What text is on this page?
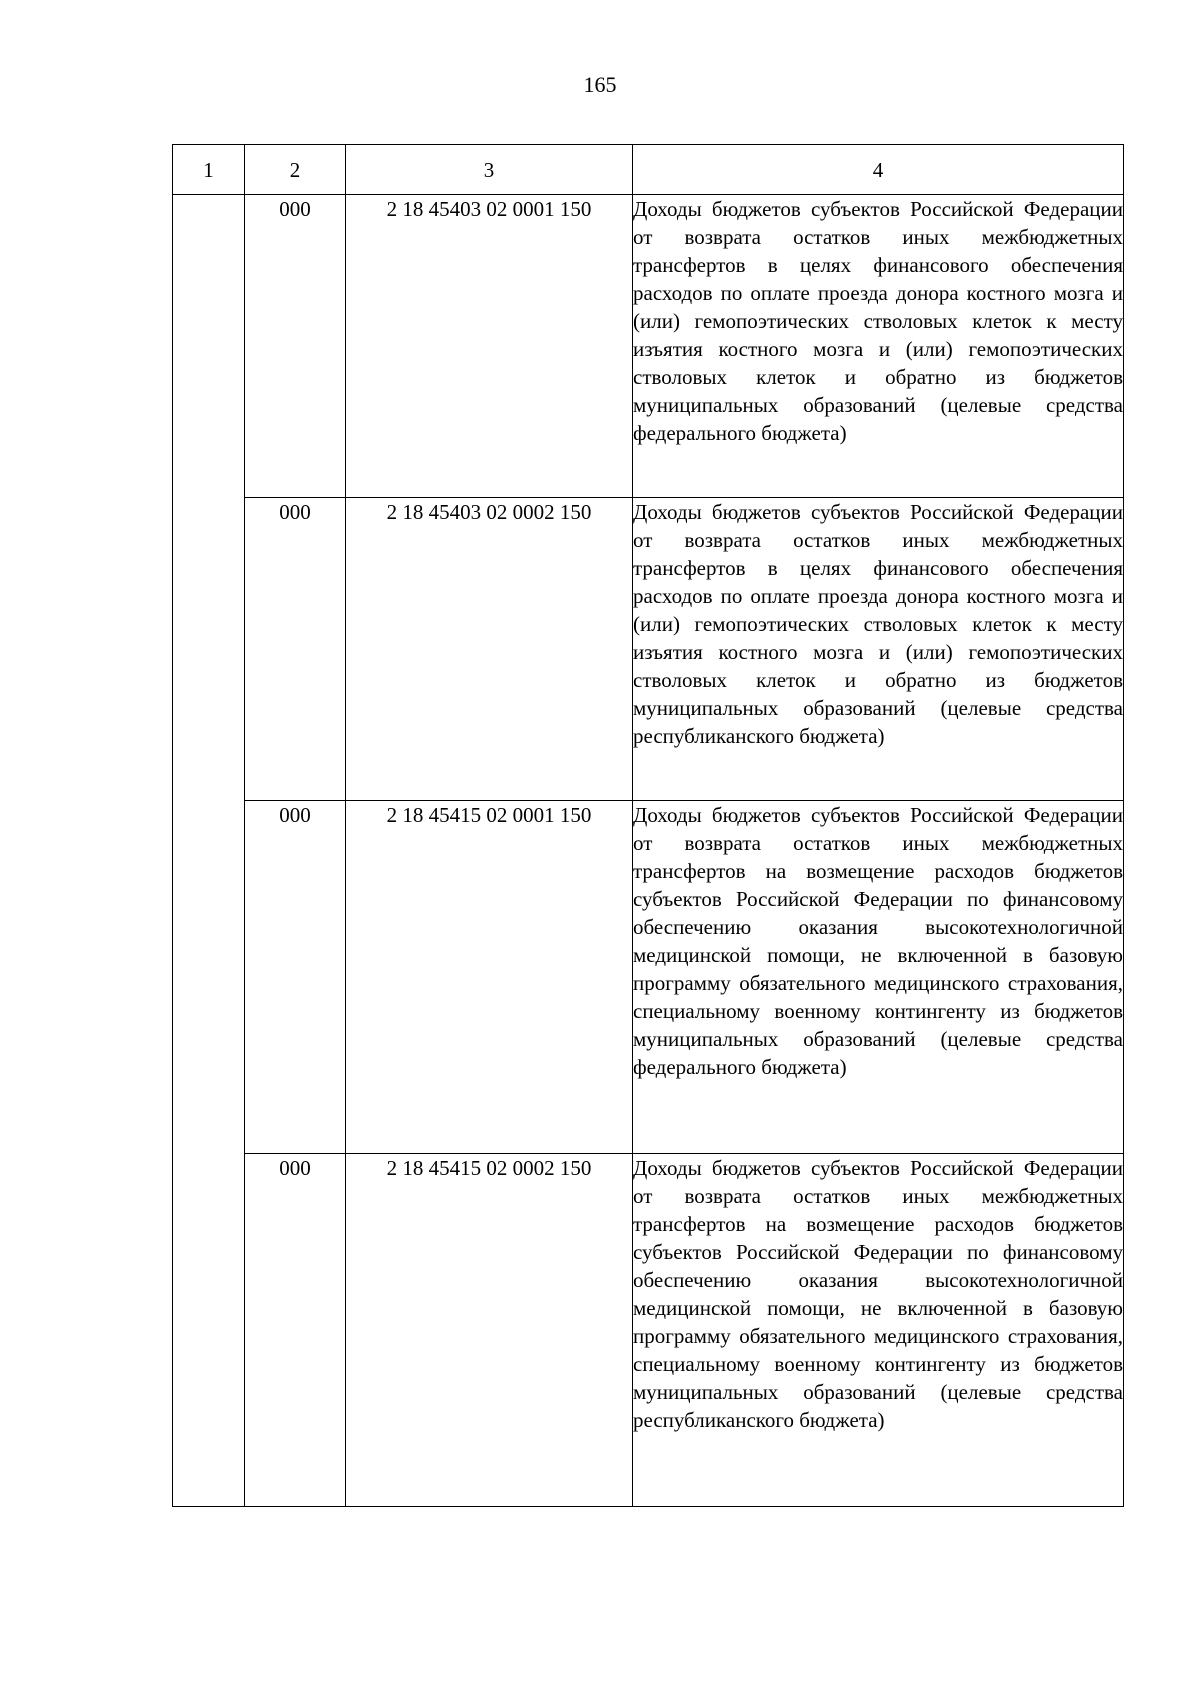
165
1	2	3	4
	000	2 18 45403 02 0001 150	Доходы бюджетов субъектов Российской Федерации от возврата остатков иных межбюджетных трансфертов в целях финансового обеспечения расходов по оплате проезда донора костного мозга и (или) гемопоэтических стволовых клеток к месту изъятия костного мозга и (или) гемопоэтических стволовых клеток и обратно из бюджетов муниципальных образований (целевые средства федерального бюджета)

	000	2 18 45403 02 0002 150	Доходы бюджетов субъектов Российской Федерации от возврата остатков иных межбюджетных трансфертов в целях финансового обеспечения расходов по оплате проезда донора костного мозга и (или) гемопоэтических стволовых клеток к месту изъятия костного мозга и (или) гемопоэтических стволовых клеток и обратно из бюджетов муниципальных образований (целевые средства республиканского бюджета)

	000	2 18 45415 02 0001 150	Доходы бюджетов субъектов Российской Федерации от возврата остатков иных межбюджетных трансфертов на возмещение расходов бюджетов субъектов Российской Федерации по финансовому обеспечению оказания высокотехнологичной медицинской помощи, не включенной в базовую программу обязательного медицинского страхования, специальному военному контингенту из бюджетов муниципальных образований (целевые средства федерального бюджета)

	000	2 18 45415 02 0002 150	Доходы бюджетов субъектов Российской Федерации от возврата остатков иных межбюджетных трансфертов на возмещение расходов бюджетов субъектов Российской Федерации по финансовому обеспечению оказания высокотехнологичной медицинской помощи, не включенной в базовую программу обязательного медицинского страхования, специальному военному контингенту из бюджетов муниципальных образований (целевые средства республиканского бюджета)
